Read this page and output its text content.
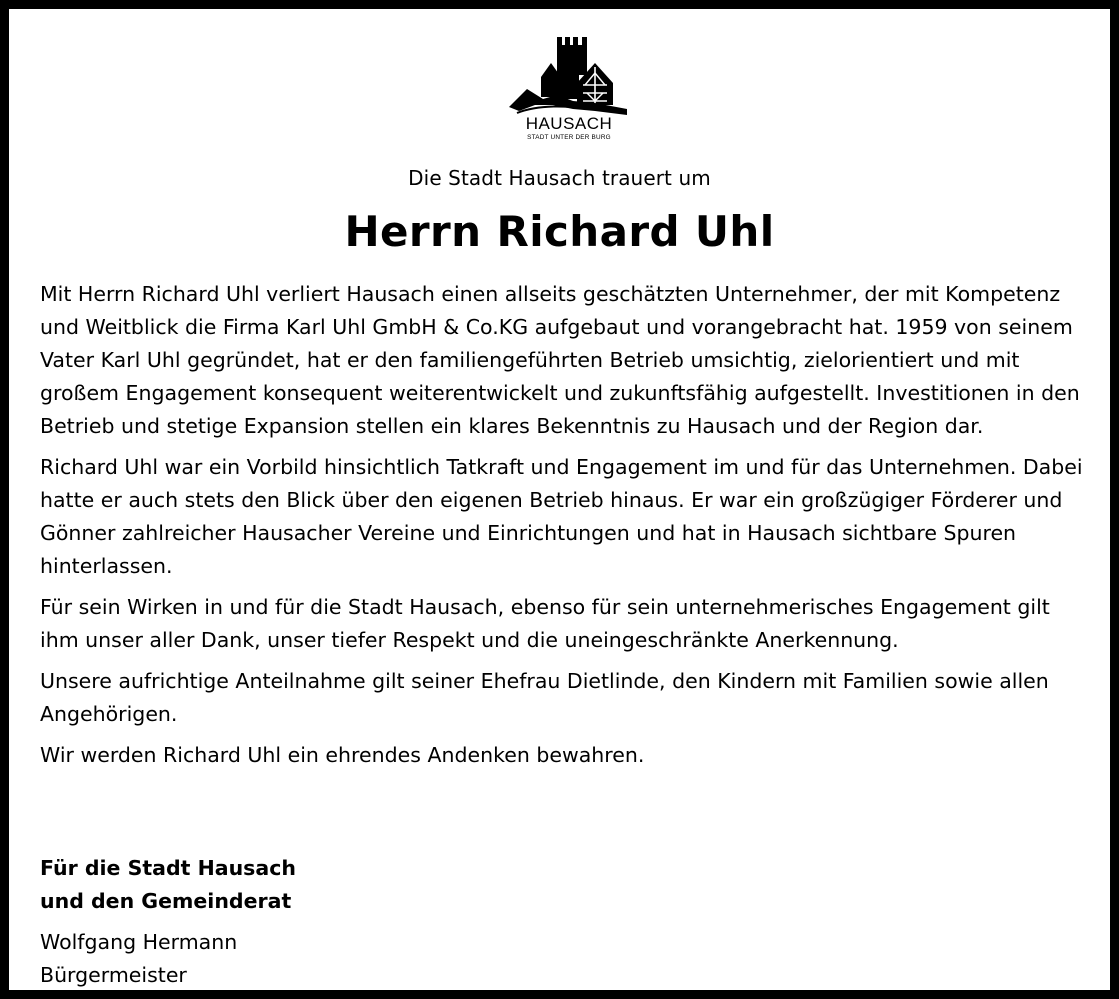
HAUSACH
STADT UNTER DER BURG
Die Stadt Hausach trauert um
Herrn Richard Uhl

Mit Herrn Richard Uhl verliert Hausach einen allseits geschätzten Unternehmer, der mit Kompetenz und Weitblick die Firma Karl Uhl GmbH & Co.KG aufgebaut und vorangebracht hat. 1959 von seinem Vater Karl Uhl gegründet, hat er den familiengeführten Betrieb umsichtig, zielorientiert und mit großem Engagement konsequent weiterentwickelt und zukunftsfähig aufgestellt. Investitionen in den Betrieb und stetige Expansion stellen ein klares Bekenntnis zu Hausach und der Region dar.

Richard Uhl war ein Vorbild hinsichtlich Tatkraft und Engagement im und für das Unternehmen. Dabei hatte er auch stets den Blick über den eigenen Betrieb hinaus. Er war ein großzügiger Förderer und Gönner zahlreicher Hausacher Vereine und Einrichtungen und hat in Hausach sichtbare Spuren hinterlassen.

Für sein Wirken in und für die Stadt Hausach, ebenso für sein unternehmerisches Engagement gilt ihm unser aller Dank, unser tiefer Respekt und die uneingeschränkte Anerkennung.

Unsere aufrichtige Anteilnahme gilt seiner Ehefrau Dietlinde, den Kindern mit Familien sowie allen Angehörigen.

Wir werden Richard Uhl ein ehrendes Andenken bewahren.

Für die Stadt Hausach
und den Gemeinderat
Wolfgang Hermann
Bürgermeister
